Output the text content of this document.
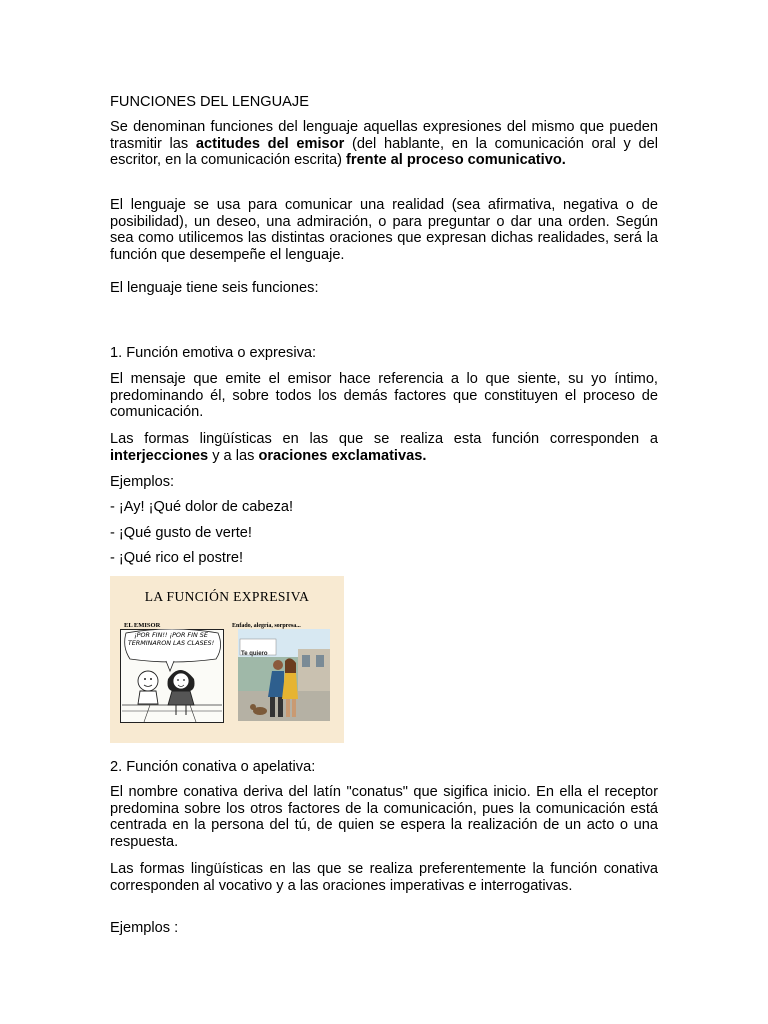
FUNCIONES DEL LENGUAJE

Se denominan funciones del lenguaje aquellas expresiones del mismo que pueden trasmitir las actitudes del emisor (del hablante, en la comunicación oral y del escritor, en la comunicación escrita) frente al proceso comunicativo.

El lenguaje se usa para comunicar una realidad (sea afirmativa, negativa o de posibilidad), un deseo, una admiración, o para preguntar o dar una orden. Según sea como utilicemos las distintas oraciones que expresan dichas realidades, será la función que desempeñe el lenguaje.

El lenguaje tiene seis funciones:

1. Función emotiva o expresiva:

El mensaje que emite el emisor hace referencia a lo que siente, su yo íntimo, predominando él, sobre todos los demás factores que constituyen el proceso de comunicación.

Las formas lingüísticas en las que se realiza esta función corresponden a interjecciones y a las oraciones exclamativas.

Ejemplos:

- ¡Ay! ¡Qué dolor de cabeza!

- ¡Qué gusto de verte!

- ¡Qué rico el postre!

LA FUNCIÓN EXPRESIVA
EL EMISOR	Enfado, alegría, sorpresa...
¡POR FIN!! ¡POR FIN SE TERMINARON LAS CLASES!
Te quiero

2. Función conativa o apelativa:

El nombre conativa deriva del latín "conatus" que sigifica inicio. En ella el receptor predomina sobre los otros factores de la comunicación, pues la comunicación está centrada en la persona del tú, de quien se espera la realización de un acto o una respuesta.

Las formas lingüísticas en las que se realiza preferentemente la función conativa corresponden al vocativo y a las oraciones imperativas e interrogativas.

Ejemplos :
